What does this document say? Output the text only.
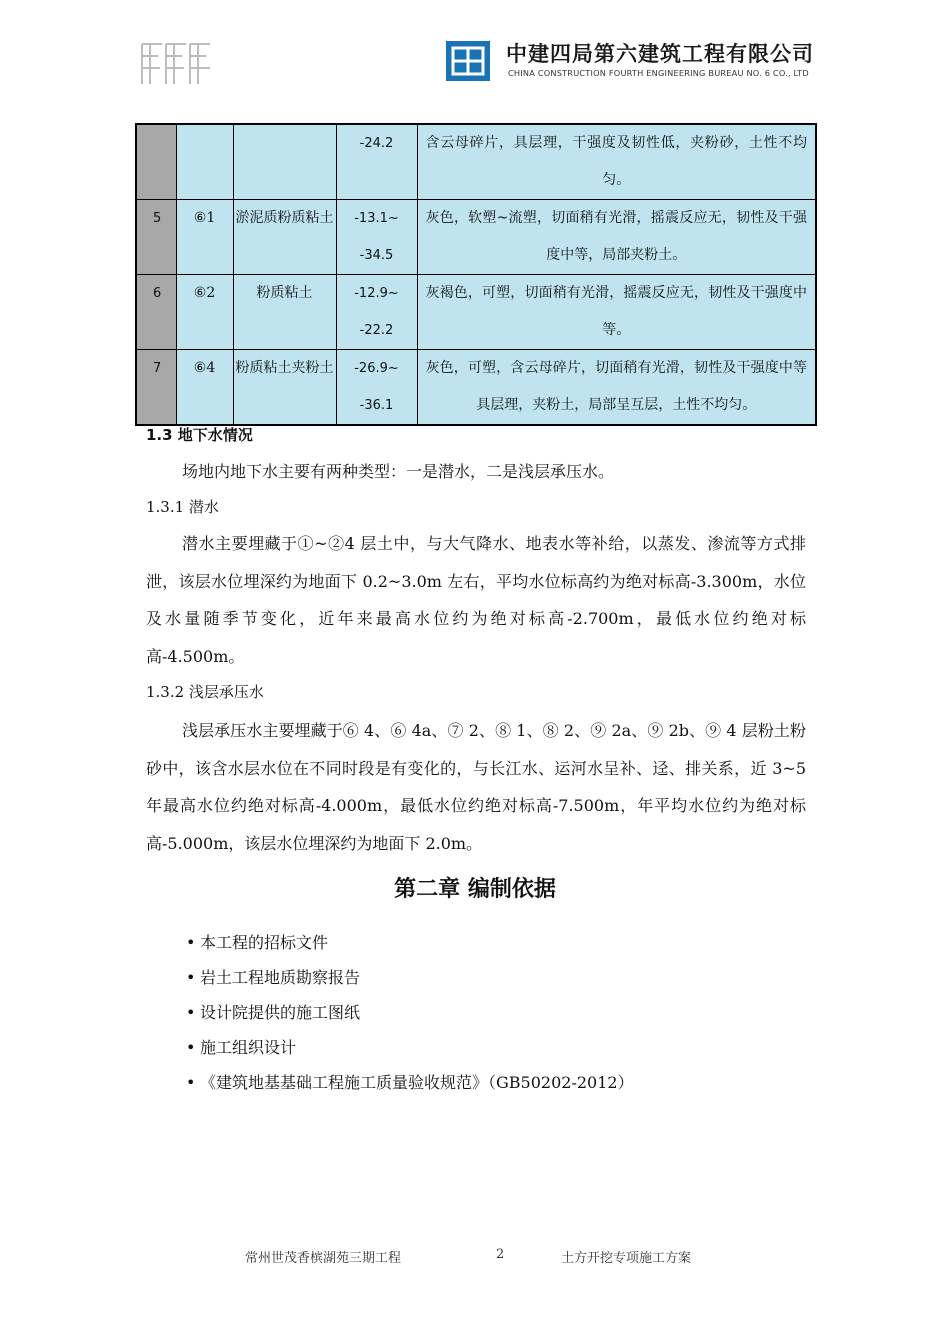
中建四局第六建筑工程有限公司
CHINA CONSTRUCTION FOURTH ENGINEERING BUREAU NO. 6 CO., LTD
			-24.2	含云母碎片，具层理，干强度及韧性低，夹粉砂，土性不均匀。
5	⑥1	淤泥质粉质粘土	-13.1~ -34.5	灰色，软塑~流塑，切面稍有光滑，摇震反应无，韧性及干强度中等，局部夹粉土。
6	⑥2	粉质粘土	-12.9~ -22.2	灰褐色，可塑，切面稍有光滑，摇震反应无，韧性及干强度中等。
7	⑥4	粉质粘土夹粉土	-26.9~ -36.1	灰色，可塑，含云母碎片，切面稍有光滑，韧性及干强度中等具层理，夹粉土，局部呈互层，土性不均匀。
1.3 地下水情况

场地内地下水主要有两种类型：一是潜水，二是浅层承压水。

1.3.1 潜水

潜水主要埋藏于①~②4 层土中，与大气降水、地表水等补给，以蒸发、渗流等方式排泄，该层水位埋深约为地面下 0.2~3.0m 左右，平均水位标高约为绝对标高-3.300m，水位及水量随季节变化，近年来最高水位约为绝对标高-2.700m，最低水位约绝对标高-4.500m。

1.3.2 浅层承压水

浅层承压水主要埋藏于⑥ 4、⑥ 4a、⑦ 2、⑧ 1、⑧ 2、⑨ 2a、⑨ 2b、⑨ 4 层粉土粉砂中，该含水层水位在不同时段是有变化的，与长江水、运河水呈补、迳、排关系，近 3~5 年最高水位约绝对标高-4.000m，最低水位约绝对标高-7.500m，年平均水位约为绝对标高-5.000m，该层水位埋深约为地面下 2.0m。

第二章 编制依据
• 本工程的招标文件
• 岩土工程地质勘察报告
• 设计院提供的施工图纸
• 施工组织设计
• 《建筑地基基础工程施工质量验收规范》（GB50202-2012）
常州世茂香槟湖苑三期工程	2	土方开挖专项施工方案
